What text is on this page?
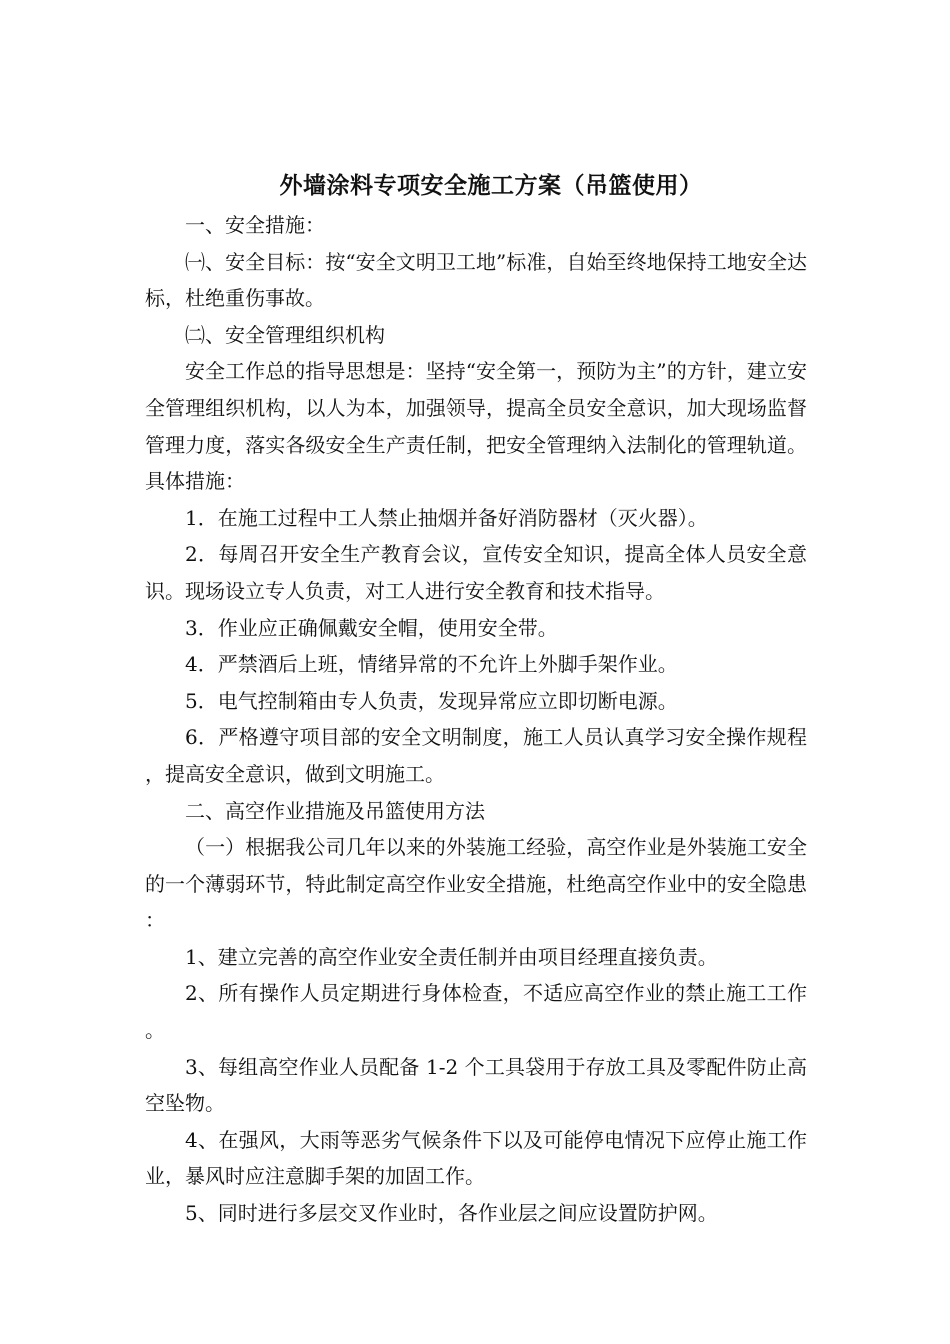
外墙涂料专项安全施工方案（吊篮使用）

一、安全措施：

㈠、安全目标：按“安全文明卫工地”标准，自始至终地保持工地安全达标，杜绝重伤事故。

㈡、安全管理组织机构

安全工作总的指导思想是：坚持“安全第一，预防为主”的方针，建立安全管理组织机构，以人为本，加强领导，提高全员安全意识，加大现场监督管理力度，落实各级安全生产责任制，把安全管理纳入法制化的管理轨道。具体措施：

1．在施工过程中工人禁止抽烟并备好消防器材（灭火器）。

2．每周召开安全生产教育会议，宣传安全知识，提高全体人员安全意识。现场设立专人负责，对工人进行安全教育和技术指导。

3．作业应正确佩戴安全帽，使用安全带。

4．严禁酒后上班，情绪异常的不允许上外脚手架作业。

5．电气控制箱由专人负责，发现异常应立即切断电源。

6．严格遵守项目部的安全文明制度，施工人员认真学习安全操作规程，提高安全意识，做到文明施工。

二、高空作业措施及吊篮使用方法

（一）根据我公司几年以来的外装施工经验，高空作业是外装施工安全的一个薄弱环节，特此制定高空作业安全措施，杜绝高空作业中的安全隐患：

1、建立完善的高空作业安全责任制并由项目经理直接负责。

2、所有操作人员定期进行身体检查，不适应高空作业的禁止施工工作。

3、每组高空作业人员配备 1-2 个工具袋用于存放工具及零配件防止高空坠物。

4、在强风，大雨等恶劣气候条件下以及可能停电情况下应停止施工作业，暴风时应注意脚手架的加固工作。

5、同时进行多层交叉作业时，各作业层之间应设置防护网。
